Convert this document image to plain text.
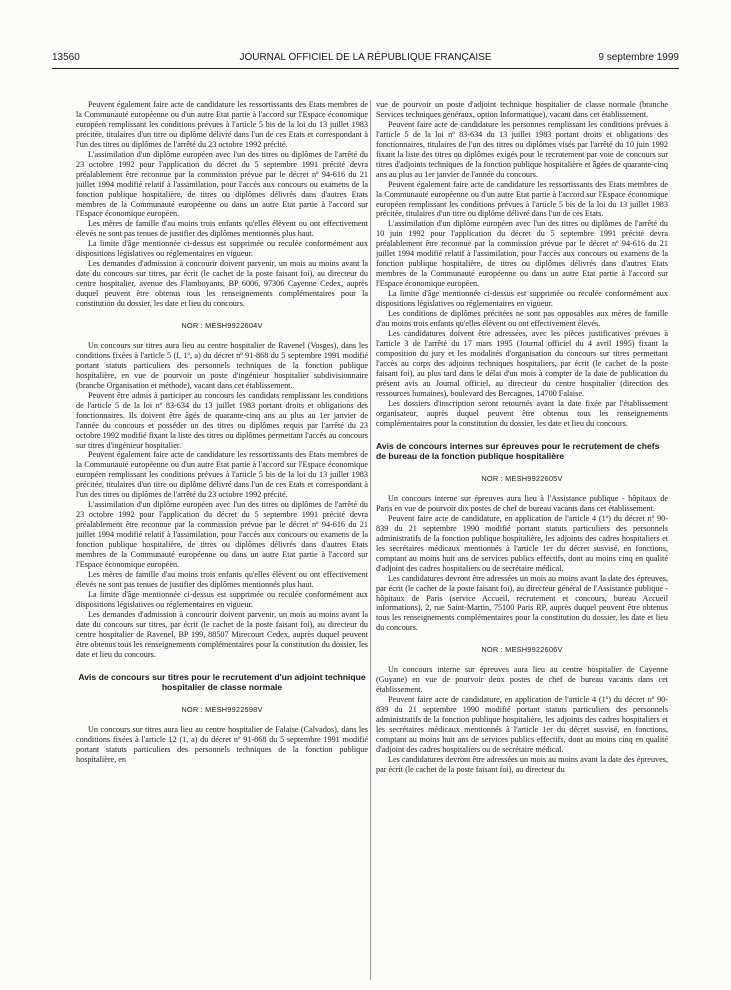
13560	JOURNAL OFFICIEL DE LA RÉPUBLIQUE FRANÇAISE	9 septembre 1999

Peuvent également faire acte de candidature les ressortissants des Etats membres de la Communauté européenne ou d'un autre Etat partie à l'accord sur l'Espace économique européen remplissant les conditions prévues à l'article 5 bis de la loi du 13 juillet 1983 précitée, titulaires d'un titre ou diplôme délivré dans l'un de ces Etats et correspondant à l'un des titres ou diplômes de l'arrêté du 23 octobre 1992 précité.

L'assimilation d'un diplôme européen avec l'un des titres ou diplômes de l'arrêté du 23 octobre 1992 pour l'application du décret du 5 septembre 1991 précité devra préalablement être reconnue par la commission prévue par le décret nº 94-616 du 21 juillet 1994 modifié relatif à l'assimilation, pour l'accès aux concours ou examens de la fonction publique hospitalière, de titres ou diplômes délivrés dans d'autres Etats membres de la Communauté européenne ou dans un autre Etat partie à l'accord sur l'Espace économique européen.

Les mères de famille d'au moins trois enfants qu'elles élèvent ou ont effectivement élevés ne sont pas tenues de justifier des diplômes mentionnés plus haut.

La limite d'âge mentionnée ci-dessus est supprimée ou reculée conformément aux dispositions législatives ou réglementaires en vigueur.

Les demandes d'admission à concourir doivent parvenir, un mois au moins avant la date du concours sur titres, par écrit (le cachet de la poste faisant foi), au directeur du centre hospitalier, avenue des Flamboyants, BP 6006, 97306 Cayenne Cedex, auprès duquel peuvent être obtenus tous les renseignements complémentaires pour la constitution du dossier, les date et lieu du concours.

NOR : MESH9922604V

Un concours sur titres aura lieu au centre hospitalier de Ravenel (Vosges), dans les conditions fixées à l'article 5 (I, 1º, a) du décret nº 91-868 du 5 septembre 1991 modifié portant statuts particuliers des personnels techniques de la fonction publique hospitalière, en vue de pourvoir un poste d'ingénieur hospitalier subdivisionnaire (branche Organisation et méthode), vacant dans cet établissement.

Peuvent être admis à participer au concours les candidats remplissant les conditions de l'article 5 de la loi nº 83-634 du 13 juillet 1983 portant droits et obligations des fonctionnaires. Ils doivent être âgés de quarante-cinq ans au plus au 1er janvier de l'année du concours et posséder un des titres ou diplômes requis par l'arrêté du 23 octobre 1992 modifié fixant la liste des titres ou diplômes permettant l'accès au concours sur titres d'ingénieur hospitalier.

Peuvent également faire acte de candidature les ressortissants des Etats membres de la Communauté européenne ou d'un autre Etat partie à l'accord sur l'Espace économique européen remplissant les conditions prévues à l'article 5 bis de la loi du 13 juillet 1983 précitée, titulaires d'un titre ou diplôme délivré dans l'un de ces Etats et correspondant à l'un des titres ou diplômes de l'arrêté du 23 octobre 1992 précité.

L'assimilation d'un diplôme européen avec l'un des titres ou diplômes de l'arrêté du 23 octobre 1992 pour l'application du décret du 5 septembre 1991 précité devra préalablement être reconnue par la commission prévue par le décret nº 94-616 du 21 juillet 1994 modifié relatif à l'assimilation, pour l'accès aux concours ou examens de la fonction publique hospitalière, de titres ou diplômes délivrés dans d'autres Etats membres de la Communauté européenne ou dans un autre Etat partie à l'accord sur l'Espace économique européen.

Les mères de famille d'au moins trois enfants qu'elles élèvent ou ont effectivement élevés ne sont pas tenues de justifier des diplômes mentionnés plus haut.

La limite d'âge mentionnée ci-dessus est supprimée ou reculée conformément aux dispositions législatives ou réglementaires en vigueur.

Les demandes d'admission à concourir doivent parvenir, un mois au moins avant la date du concours sur titres, par écrit (le cachet de la poste faisant foi), au directeur du centre hospitalier de Ravenel, BP 199, 88507 Mirecourt Cedex, auprès duquel peuvent être obtenus tous les renseignements complémentaires pour la constitution du dossier, les date et lieu du concours.

Avis de concours sur titres pour le recrutement d'un adjoint technique hospitalier de classe normale
NOR : MESH9922598V

Un concours sur titres aura lieu au centre hospitalier de Falaise (Calvados), dans les conditions fixées à l'article 12 (1, a) du décret nº 91-868 du 5 septembre 1991 modifié portant statuts particuliers des personnels techniques de la fonction publique hospitalière, en

vue de pourvoir un poste d'adjoint technique hospitalier de classe normale (branche Services techniques généraux, option Informatique), vacant dans cet établissement.

Peuvent faire acte de candidature les personnes remplissant les conditions prévues à l'article 5 de la loi nº 83-634 du 13 juillet 1983 portant droits et obligations des fonctionnaires, titulaires de l'un des titres ou diplômes visés par l'arrêté du 10 juin 1992 fixant la liste des titres ou diplômes exigés pour le recrutement par voie de concours sur titres d'adjoints techniques de la fonction publique hospitalière et âgées de quarante-cinq ans au plus au 1er janvier de l'année du concours.

Peuvent également faire acte de candidature les ressortissants des Etats membres de la Communauté européenne ou d'un autre Etat partie à l'accord sur l'Espace économique européen remplissant les conditions prévues à l'article 5 bis de la loi du 13 juillet 1983 précitée, titulaires d'un titre ou diplôme délivré dans l'un de ces Etats.

L'assimilation d'un diplôme européen avec l'un des titres ou diplômes de l'arrêté du 10 juin 1992 pour l'application du décret du 5 septembre 1991 précité devra préalablement être reconnue par la commission prévue par le décret nº 94-616 du 21 juillet 1994 modifié relatif à l'assimilation, pour l'accès aux concours ou examens de la fonction publique hospitalière, de titres ou diplômes délivrés dans d'autres Etats membres de la Communauté européenne ou dans un autre Etat partie à l'accord sur l'Espace économique européen.

La limite d'âge mentionnée ci-dessus est supprimée ou reculée conformément aux dispositions législatives ou réglementaires en vigueur.

Les conditions de diplômes précitées ne sont pas opposables aux mères de famille d'au moins trois enfants qu'elles élèvent ou ont effectivement élevés.

Les candidatures doivent être adressées, avec les pièces justificatives prévues à l'article 3 de l'arrêté du 17 mars 1995 (Journal officiel du 4 avril 1995) fixant la composition du jury et les modalités d'organisation du concours sur titres permettant l'accès au corps des adjoints techniques hospitaliers, par écrit (le cachet de la poste faisant foi), au plus tard dans le délai d'un mois à compter de la date de publication du présent avis au Journal officiel, au directeur du centre hospitalier (direction des ressources humaines), boulevard des Bercagnes, 14700 Falaise.

Les dossiers d'inscription seront retournés avant la date fixée par l'établissement organisateur, auprès duquel peuvent être obtenus tous les renseignements complémentaires pour la constitution du dossier, les date et lieu du concours.

Avis de concours internes sur épreuves pour le recrutement de chefs de bureau de la fonction publique hospitalière
NOR : MESH9922605V

Un concours interne sur épreuves aura lieu à l'Assistance publique - hôpitaux de Paris en vue de pourvoir dix postes de chef de bureau vacants dans cet établissement.

Peuvent faire acte de candidature, en application de l'article 4 (1º) du décret nº 90-839 du 21 septembre 1990 modifié portant statuts particuliers des personnels administratifs de la fonction publique hospitalière, les adjoints des cadres hospitaliers et les secrétaires médicaux mentionnés à l'article 1er du décret susvisé, en fonctions, comptant au moins huit ans de services publics effectifs, dont au moins cinq en qualité d'adjoint des cadres hospitaliers ou de secrétaire médical.

Les candidatures devront être adressées un mois au moins avant la date des épreuves, par écrit (le cachet de la poste faisant foi), au directeur général de l'Assistance publique - hôpitaux de Paris (service Accueil, recrutement et concours, bureau Accueil informations), 2, rue Saint-Martin, 75100 Paris RP, auprès duquel peuvent être obtenus tous les renseignements complémentaires pour la constitution du dossier, les date et lieu du concours.

NOR : MESH9922606V

Un concours interne sur épreuves aura lieu au centre hospitalier de Cayenne (Guyane) en vue de pourvoir deux postes de chef de bureau vacants dans cet établissement.

Peuvent faire acte de candidature, en application de l'article 4 (1º) du décret nº 90-839 du 21 septembre 1990 modifié portant statuts particuliers des personnels administratifs de la fonction publique hospitalière, les adjoints des cadres hospitaliers et les secrétaires médicaux mentionnés à l'article 1er du décret susvisé, en fonctions, comptant au moins huit ans de services publics effectifs, dont au moins cinq en qualité d'adjoint des cadres hospitaliers ou de secrétaire médical.

Les candidatures devront être adressées un mois au moins avant la date des épreuves, par écrit (le cachet de la poste faisant foi), au directeur du
